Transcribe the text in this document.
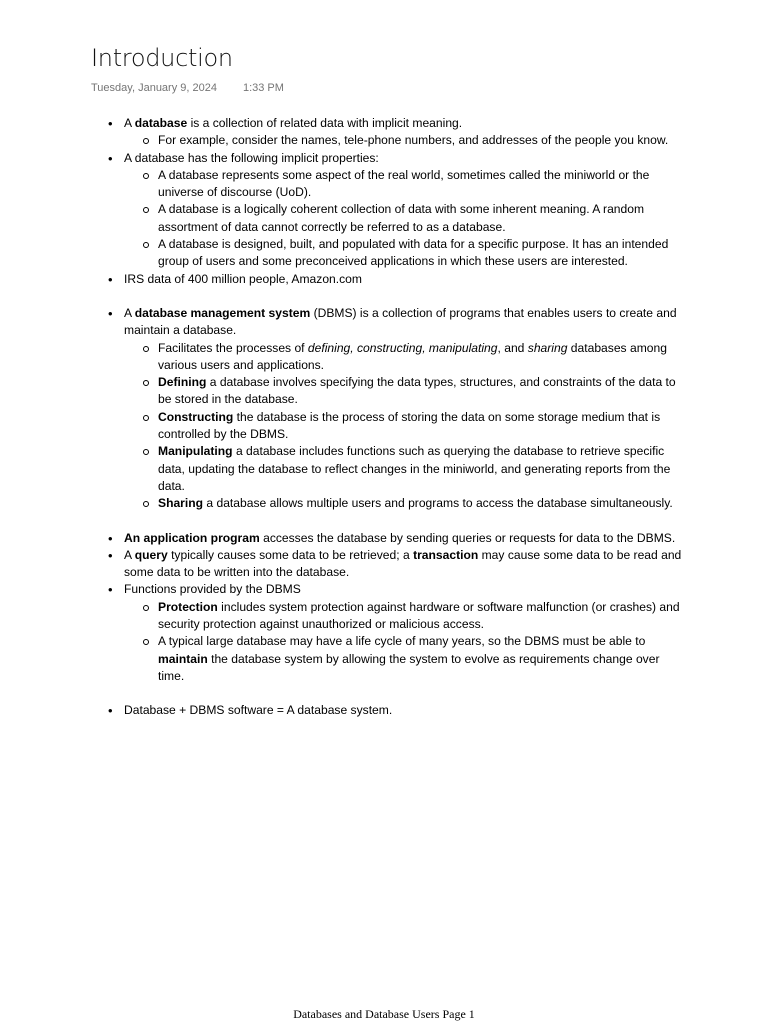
Introduction
Tuesday, January 9, 2024 1:33 PM
• A database is a collection of related data with implicit meaning.
For example, consider the names, tele-phone numbers, and addresses of the people you know.
• A database has the following implicit properties:
A database represents some aspect of the real world, sometimes called the miniworld or the universe of discourse (UoD).
A database is a logically coherent collection of data with some inherent meaning. A random assortment of data cannot correctly be referred to as a database.
A database is designed, built, and populated with data for a specific purpose. It has an intended group of users and some preconceived applications in which these users are interested.
• IRS data of 400 million people, Amazon.com
• A database management system (DBMS) is a collection of programs that enables users to create and maintain a database.
Facilitates the processes of defining, constructing, manipulating, and sharing databases among various users and applications.
Defining a database involves specifying the data types, structures, and constraints of the data to be stored in the database.
Constructing the database is the process of storing the data on some storage medium that is controlled by the DBMS.
Manipulating a database includes functions such as querying the database to retrieve specific data, updating the database to reflect changes in the miniworld, and generating reports from the data.
Sharing a database allows multiple users and programs to access the database simultaneously.
• An application program accesses the database by sending queries or requests for data to the DBMS.
• A query typically causes some data to be retrieved; a transaction may cause some data to be read and some data to be written into the database.
• Functions provided by the DBMS
Protection includes system protection against hardware or software malfunction (or crashes) and security protection against unauthorized or malicious access.
A typical large database may have a life cycle of many years, so the DBMS must be able to maintain the database system by allowing the system to evolve as requirements change over time.
• Database + DBMS software = A database system.
Databases and Database Users Page 1
